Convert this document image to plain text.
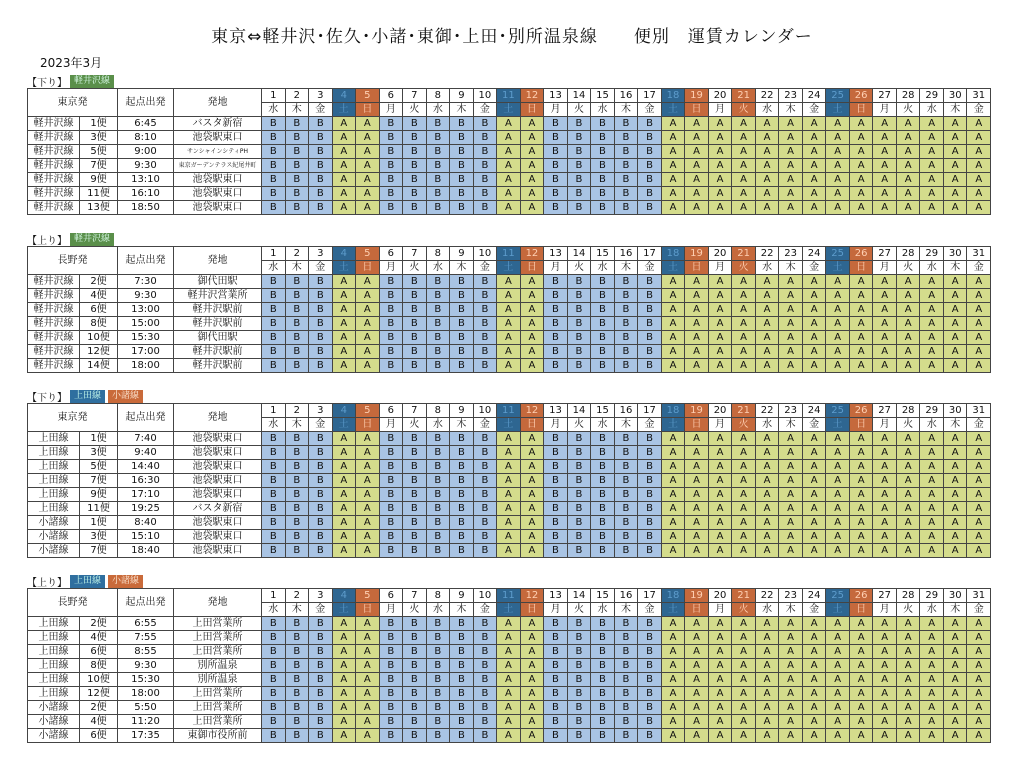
東京⇔軽井沢･佐久･小諸･東御･上田･別所温泉線　　便別　運賃カレンダー
2023年3月
【下り】 軽井沢線
東京発		起点出発	発地	1	2	3	4	5	6	7	8	9	10	11	12	13	14	15	16	17	18	19	20	21	22	23	24	25	26	27	28	29	30	31
				水	木	金	土	日	月	火	水	木	金	土	日	月	火	水	木	金	土	日	月	火	水	木	金	土	日	月	火	水	木	金
軽井沢線	1便	6:45	バスタ新宿	B	B	B	A	A	B	B	B	B	B	A	A	B	B	B	B	B	A	A	A	A	A	A	A	A	A	A	A	A	A	A
軽井沢線	3便	8:10	池袋駅東口	B	B	B	A	A	B	B	B	B	B	A	A	B	B	B	B	B	A	A	A	A	A	A	A	A	A	A	A	A	A	A
軽井沢線	5便	9:00	サンシャインシティPH	B	B	B	A	A	B	B	B	B	B	A	A	B	B	B	B	B	A	A	A	A	A	A	A	A	A	A	A	A	A	A
軽井沢線	7便	9:30	東京ガーデンテラス紀尾井町	B	B	B	A	A	B	B	B	B	B	A	A	B	B	B	B	B	A	A	A	A	A	A	A	A	A	A	A	A	A	A
軽井沢線	9便	13:10	池袋駅東口	B	B	B	A	A	B	B	B	B	B	A	A	B	B	B	B	B	A	A	A	A	A	A	A	A	A	A	A	A	A	A
軽井沢線	11便	16:10	池袋駅東口	B	B	B	A	A	B	B	B	B	B	A	A	B	B	B	B	B	A	A	A	A	A	A	A	A	A	A	A	A	A	A
軽井沢線	13便	18:50	池袋駅東口	B	B	B	A	A	B	B	B	B	B	A	A	B	B	B	B	B	A	A	A	A	A	A	A	A	A	A	A	A	A	A
【上り】 軽井沢線
長野発		起点出発	発地	1	2	3	4	5	6	7	8	9	10	11	12	13	14	15	16	17	18	19	20	21	22	23	24	25	26	27	28	29	30	31
				水	木	金	土	日	月	火	水	木	金	土	日	月	火	水	木	金	土	日	月	火	水	木	金	土	日	月	火	水	木	金
軽井沢線	2便	7:30	御代田駅	B	B	B	A	A	B	B	B	B	B	A	A	B	B	B	B	B	A	A	A	A	A	A	A	A	A	A	A	A	A	A
軽井沢線	4便	9:30	軽井沢営業所	B	B	B	A	A	B	B	B	B	B	A	A	B	B	B	B	B	A	A	A	A	A	A	A	A	A	A	A	A	A	A
軽井沢線	6便	13:00	軽井沢駅前	B	B	B	A	A	B	B	B	B	B	A	A	B	B	B	B	B	A	A	A	A	A	A	A	A	A	A	A	A	A	A
軽井沢線	8便	15:00	軽井沢駅前	B	B	B	A	A	B	B	B	B	B	A	A	B	B	B	B	B	A	A	A	A	A	A	A	A	A	A	A	A	A	A
軽井沢線	10便	15:30	御代田駅	B	B	B	A	A	B	B	B	B	B	A	A	B	B	B	B	B	A	A	A	A	A	A	A	A	A	A	A	A	A	A
軽井沢線	12便	17:00	軽井沢駅前	B	B	B	A	A	B	B	B	B	B	A	A	B	B	B	B	B	A	A	A	A	A	A	A	A	A	A	A	A	A	A
軽井沢線	14便	18:00	軽井沢駅前	B	B	B	A	A	B	B	B	B	B	A	A	B	B	B	B	B	A	A	A	A	A	A	A	A	A	A	A	A	A	A
【下り】 上田線	小諸線
東京発		起点出発	発地	1	2	3	4	5	6	7	8	9	10	11	12	13	14	15	16	17	18	19	20	21	22	23	24	25	26	27	28	29	30	31
				水	木	金	土	日	月	火	水	木	金	土	日	月	火	水	木	金	土	日	月	火	水	木	金	土	日	月	火	水	木	金
上田線	1便	7:40	池袋駅東口	B	B	B	A	A	B	B	B	B	B	A	A	B	B	B	B	B	A	A	A	A	A	A	A	A	A	A	A	A	A	A
上田線	3便	9:40	池袋駅東口	B	B	B	A	A	B	B	B	B	B	A	A	B	B	B	B	B	A	A	A	A	A	A	A	A	A	A	A	A	A	A
上田線	5便	14:40	池袋駅東口	B	B	B	A	A	B	B	B	B	B	A	A	B	B	B	B	B	A	A	A	A	A	A	A	A	A	A	A	A	A	A
上田線	7便	16:30	池袋駅東口	B	B	B	A	A	B	B	B	B	B	A	A	B	B	B	B	B	A	A	A	A	A	A	A	A	A	A	A	A	A	A
上田線	9便	17:10	池袋駅東口	B	B	B	A	A	B	B	B	B	B	A	A	B	B	B	B	B	A	A	A	A	A	A	A	A	A	A	A	A	A	A
上田線	11便	19:25	バスタ新宿	B	B	B	A	A	B	B	B	B	B	A	A	B	B	B	B	B	A	A	A	A	A	A	A	A	A	A	A	A	A	A
小諸線	1便	8:40	池袋駅東口	B	B	B	A	A	B	B	B	B	B	A	A	B	B	B	B	B	A	A	A	A	A	A	A	A	A	A	A	A	A	A
小諸線	3便	15:10	池袋駅東口	B	B	B	A	A	B	B	B	B	B	A	A	B	B	B	B	B	A	A	A	A	A	A	A	A	A	A	A	A	A	A
小諸線	7便	18:40	池袋駅東口	B	B	B	A	A	B	B	B	B	B	A	A	B	B	B	B	B	A	A	A	A	A	A	A	A	A	A	A	A	A	A
【上り】 上田線	小諸線
長野発		起点出発	発地	1	2	3	4	5	6	7	8	9	10	11	12	13	14	15	16	17	18	19	20	21	22	23	24	25	26	27	28	29	30	31
				水	木	金	土	日	月	火	水	木	金	土	日	月	火	水	木	金	土	日	月	火	水	木	金	土	日	月	火	水	木	金
上田線	2便	6:55	上田営業所	B	B	B	A	A	B	B	B	B	B	A	A	B	B	B	B	B	A	A	A	A	A	A	A	A	A	A	A	A	A	A
上田線	4便	7:55	上田営業所	B	B	B	A	A	B	B	B	B	B	A	A	B	B	B	B	B	A	A	A	A	A	A	A	A	A	A	A	A	A	A
上田線	6便	8:55	上田営業所	B	B	B	A	A	B	B	B	B	B	A	A	B	B	B	B	B	A	A	A	A	A	A	A	A	A	A	A	A	A	A
上田線	8便	9:30	別所温泉	B	B	B	A	A	B	B	B	B	B	A	A	B	B	B	B	B	A	A	A	A	A	A	A	A	A	A	A	A	A	A
上田線	10便	15:30	別所温泉	B	B	B	A	A	B	B	B	B	B	A	A	B	B	B	B	B	A	A	A	A	A	A	A	A	A	A	A	A	A	A
上田線	12便	18:00	上田営業所	B	B	B	A	A	B	B	B	B	B	A	A	B	B	B	B	B	A	A	A	A	A	A	A	A	A	A	A	A	A	A
小諸線	2便	5:50	上田営業所	B	B	B	A	A	B	B	B	B	B	A	A	B	B	B	B	B	A	A	A	A	A	A	A	A	A	A	A	A	A	A
小諸線	4便	11:20	上田営業所	B	B	B	A	A	B	B	B	B	B	A	A	B	B	B	B	B	A	A	A	A	A	A	A	A	A	A	A	A	A	A
小諸線	6便	17:35	東御市役所前	B	B	B	A	A	B	B	B	B	B	A	A	B	B	B	B	B	A	A	A	A	A	A	A	A	A	A	A	A	A	A
